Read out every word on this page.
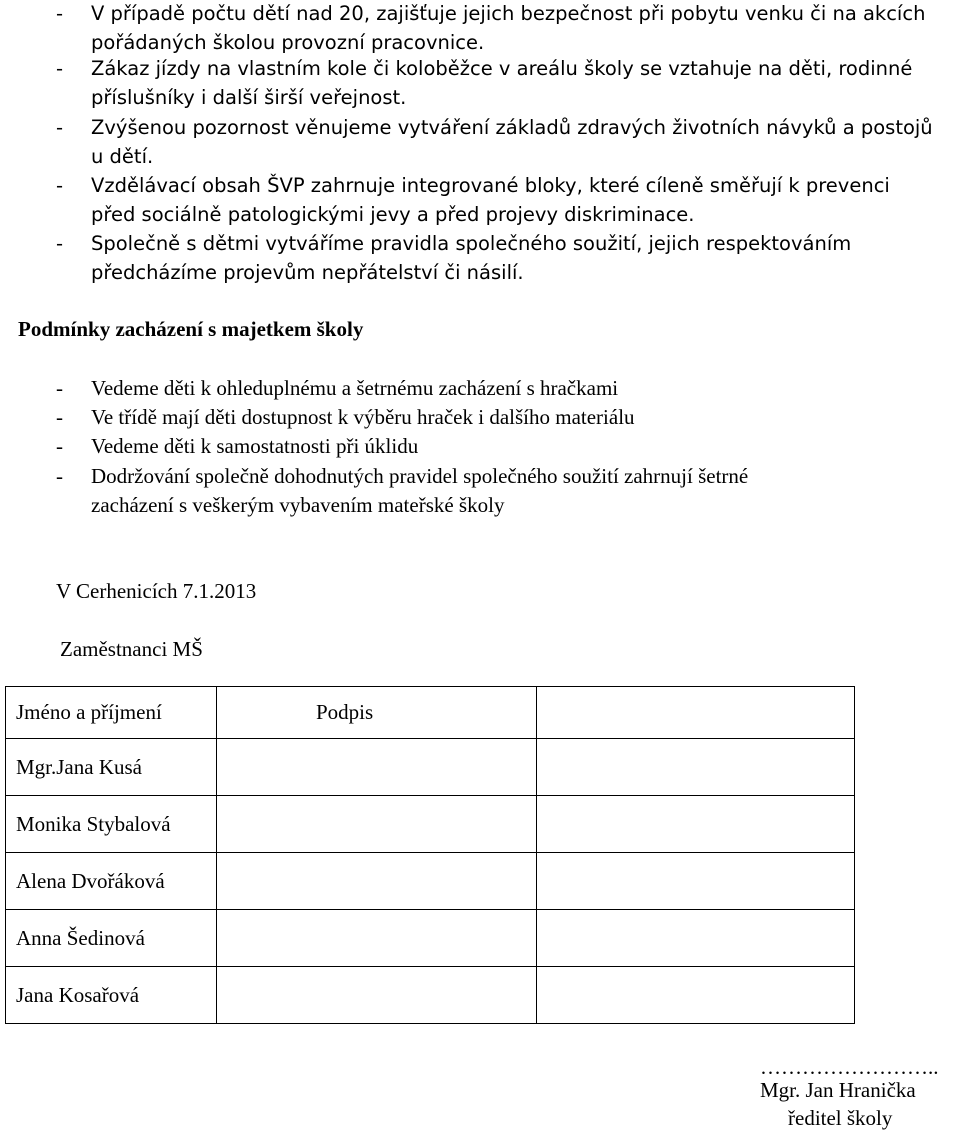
- V případě počtu dětí nad 20, zajišťuje jejich bezpečnost při pobytu venku či na akcích
pořádaných školou provozní pracovnice.
- Zákaz jízdy na vlastním kole či koloběžce v areálu školy se vztahuje na děti, rodinné
příslušníky i další širší veřejnost.
- Zvýšenou pozornost věnujeme vytváření základů zdravých životních návyků a postojů
u dětí.
- Vzdělávací obsah ŠVP zahrnuje integrované bloky, které cíleně směřují k prevenci
před sociálně patologickými jevy a před projevy diskriminace.
- Společně s dětmi vytváříme pravidla společného soužití, jejich respektováním
předcházíme projevům nepřátelství či násilí.
Podmínky zacházení s majetkem školy
- Vedeme děti k ohleduplnému a šetrnému zacházení s hračkami
- Ve třídě mají děti dostupnost k výběru hraček i dalšího materiálu
- Vedeme děti k samostatnosti při úklidu
- Dodržování společně dohodnutých pravidel společného soužití zahrnují šetrné
zacházení s veškerým vybavením mateřské školy
V Cerhenicích 7.1.2013
Zaměstnanci MŠ
Jméno a příjmení	Podpis	
Mgr.Jana Kusá		
Monika Stybalová		
Alena Dvořáková		
Anna Šedinová		
Jana Kosařová		
……………………..
Mgr. Jan Hranička
ředitel školy
